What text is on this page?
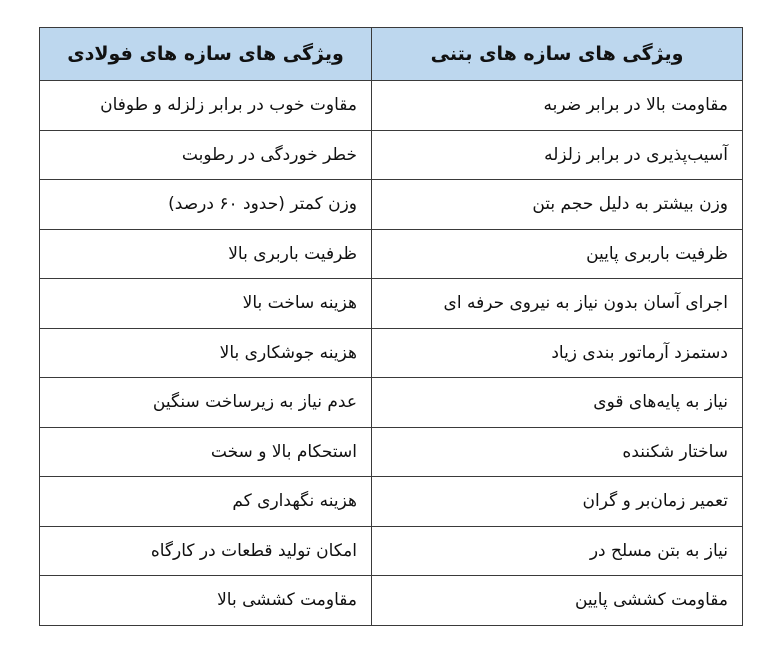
ویژگی های سازه های بتنی	ویژگی های سازه های فولادی
مقاومت بالا در برابر ضربه	مقاوت خوب در برابر زلزله و طوفان
آسیب‌پذیری در برابر زلزله	خطر خوردگی در رطوبت
وزن بیشتر به دلیل حجم بتن	وزن کمتر (حدود ۶۰ درصد)
ظرفیت باربری پایین	ظرفیت باربری بالا
اجرای آسان بدون نیاز به نیروی حرفه ای	هزینه ساخت بالا
دستمزد آرماتور بندی زیاد	هزینه جوشکاری بالا
نیاز به پایه‌های قوی	عدم نیاز به زیرساخت سنگین
ساختار شکننده	استحکام بالا و سخت
تعمیر زمان‌بر و گران	هزینه نگهداری کم
نیاز به بتن مسلح در	امکان تولید قطعات در کارگاه
مقاومت کششی پایین	مقاومت کششی بالا
